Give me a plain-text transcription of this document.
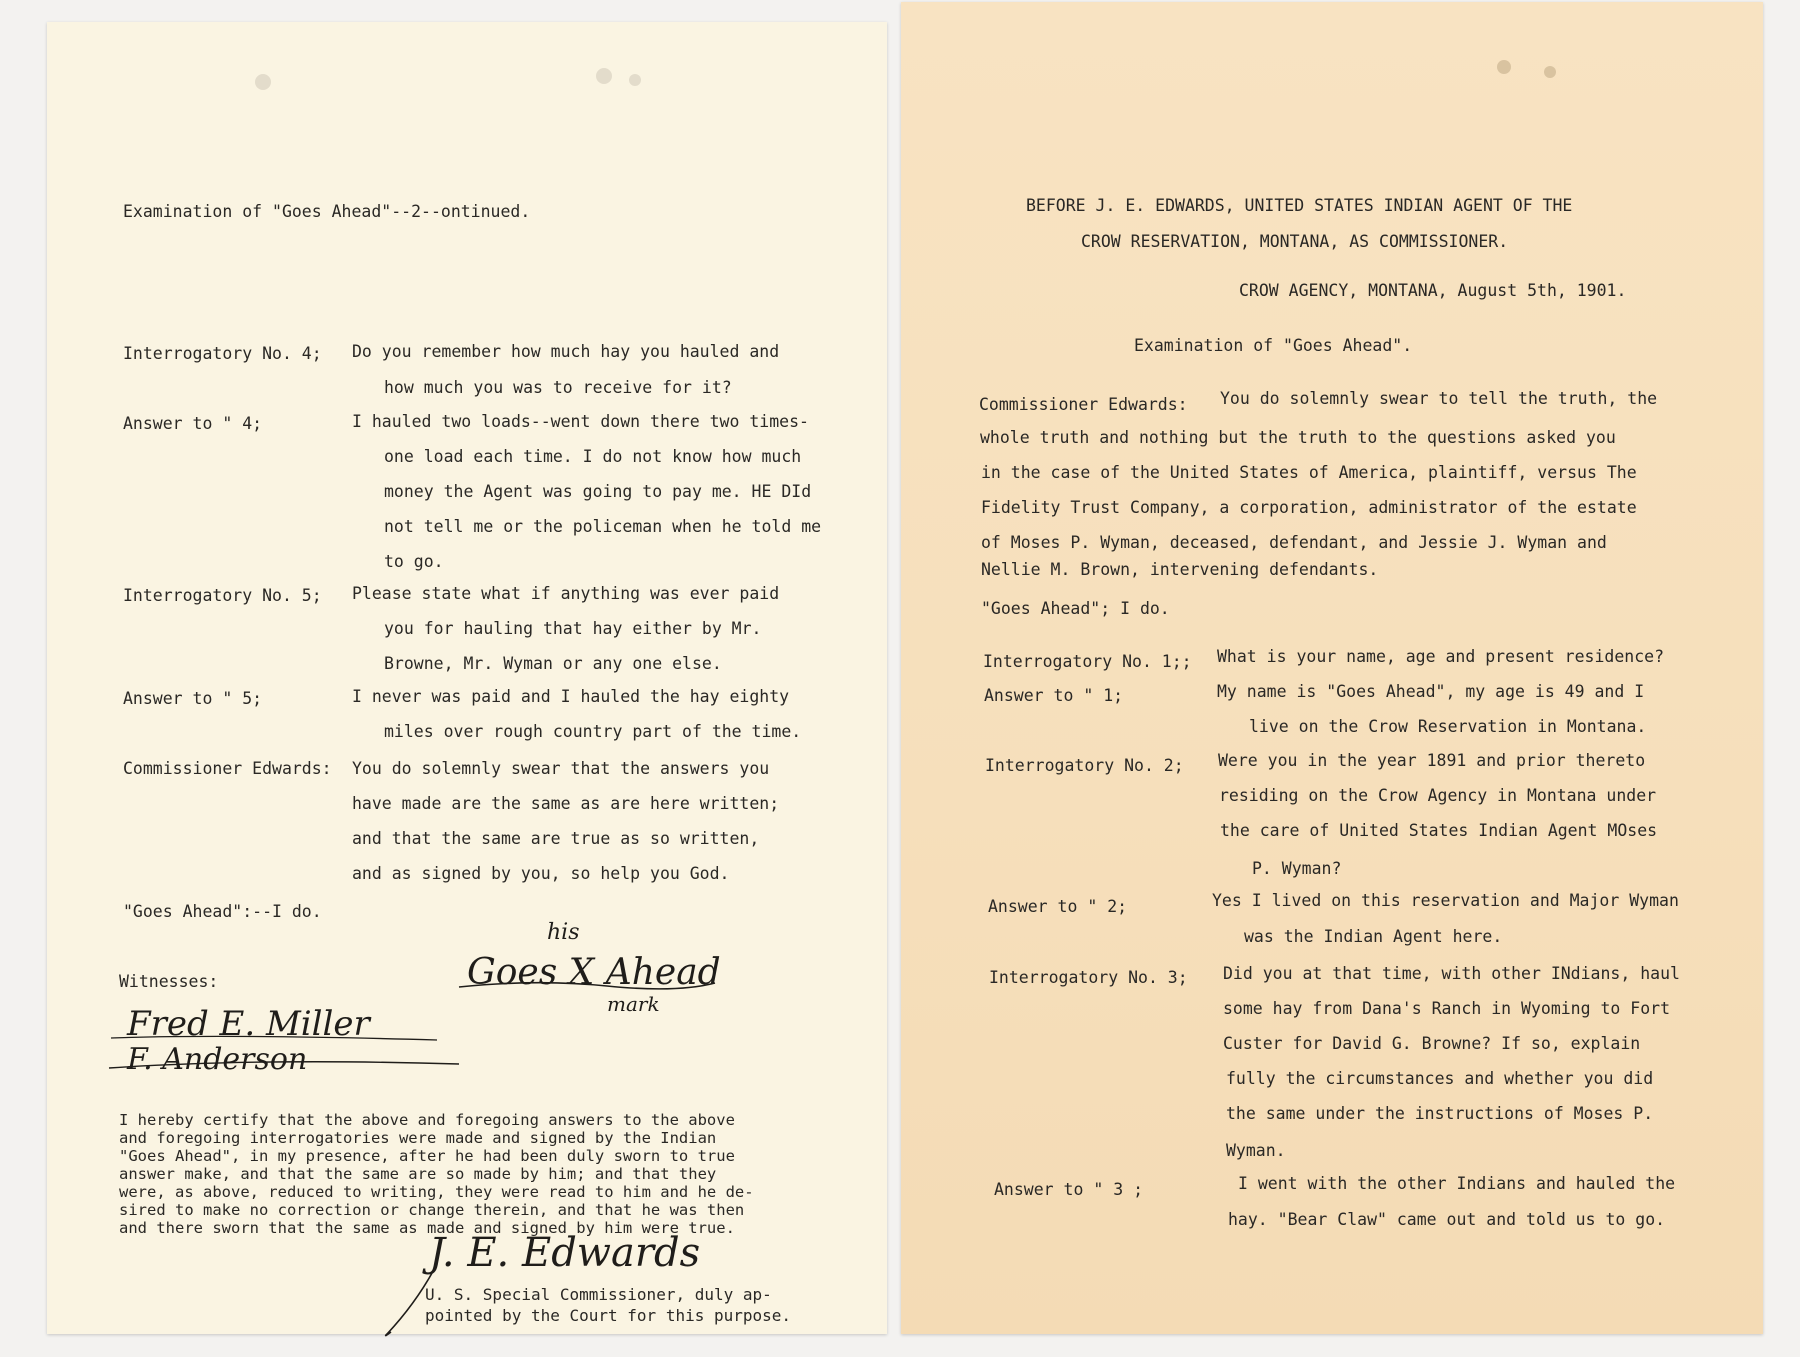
Examination of "Goes Ahead"--2--ontinued.
Interrogatory No. 4; Do you remember how much hay you hauled and
how much you was to receive for it?
Answer to " 4;	I hauled two loads--went down there two times-
one load each time. I do not know how much
money the Agent was going to pay me. HE DId
not tell me or the policeman when he told me
to go.
Interrogatory No. 5; Please state what if anything was ever paid
you for hauling that hay either by Mr.
Browne, Mr. Wyman or any one else.
Answer to " 5;	I never was paid and I hauled the hay eighty
miles over rough country part of the time.
Commissioner Edwards: You do solemnly swear that the answers you
have made are the same as are here written;
and that the same are true as so written,
and as signed by you, so help you God.
"Goes Ahead":--I do.
his
Goes X Ahead
mark
Witnesses:
Fred E. Miller
F. Anderson
I hereby certify that the above and foregoing answers to the above
and foregoing interrogatories were made and signed by the Indian
"Goes Ahead", in my presence, after he had been duly sworn to true
answer make, and that the same are so made by him; and that they
were, as above, reduced to writing, they were read to him and he de-
sired to make no correction or change therein, and that he was then
and there sworn that the same as made and signed by him were true.
J. E. Edwards
U. S. Special Commissioner, duly ap-
pointed by the Court for this purpose.
BEFORE J. E. EDWARDS, UNITED STATES INDIAN AGENT OF THE
CROW RESERVATION, MONTANA, AS COMMISSIONER.
CROW AGENCY, MONTANA, August 5th, 1901.
Examination of "Goes Ahead".
Commissioner Edwards: You do solemnly swear to tell the truth, the
whole truth and nothing but the truth to the questions asked you
in the case of the United States of America, plaintiff, versus The
Fidelity Trust Company, a corporation, administrator of the estate
of Moses P. Wyman, deceased, defendant, and Jessie J. Wyman and
Nellie M. Brown, intervening defendants.
"Goes Ahead"; I do.
Interrogatory No. 1;; What is your name, age and present residence?
Answer to " 1;	My name is "Goes Ahead", my age is 49 and I
live on the Crow Reservation in Montana.
Interrogatory No. 2; Were you in the year 1891 and prior thereto
residing on the Crow Agency in Montana under
the care of United States Indian Agent MOses
P. Wyman?
Answer to " 2;	Yes I lived on this reservation and Major Wyman
was the Indian Agent here.
Interrogatory No. 3; Did you at that time, with other INdians, haul
some hay from Dana's Ranch in Wyoming to Fort
Custer for David G. Browne? If so, explain
fully the circumstances and whether you did
the same under the instructions of Moses P.
Wyman.
Answer to " 3 ;	I went with the other Indians and hauled the
hay. "Bear Claw" came out and told us to go.
